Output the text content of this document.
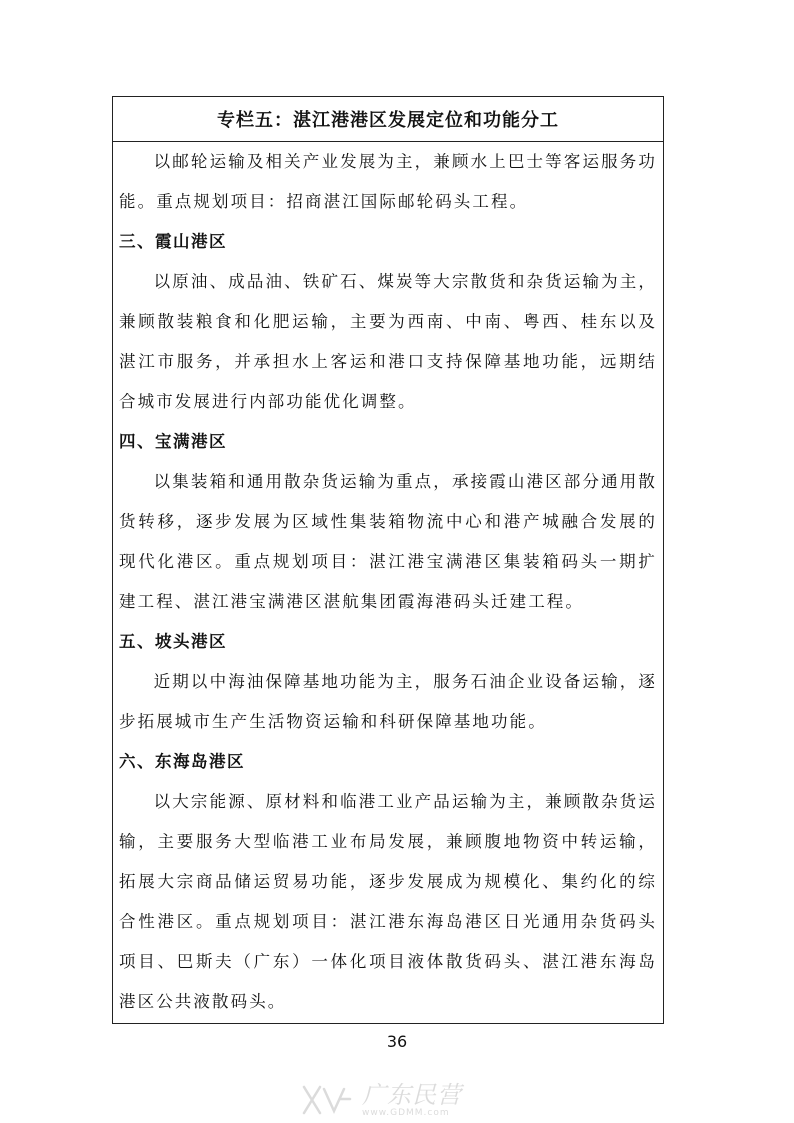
专栏五：湛江港港区发展定位和功能分工

以邮轮运输及相关产业发展为主，兼顾水上巴士等客运服务功能。重点规划项目：招商湛江国际邮轮码头工程。

三、霞山港区

以原油、成品油、铁矿石、煤炭等大宗散货和杂货运输为主，兼顾散装粮食和化肥运输，主要为西南、中南、粤西、桂东以及湛江市服务，并承担水上客运和港口支持保障基地功能，远期结合城市发展进行内部功能优化调整。

四、宝满港区

以集装箱和通用散杂货运输为重点，承接霞山港区部分通用散货转移，逐步发展为区域性集装箱物流中心和港产城融合发展的现代化港区。重点规划项目：湛江港宝满港区集装箱码头一期扩建工程、湛江港宝满港区湛航集团霞海港码头迁建工程。

五、坡头港区

近期以中海油保障基地功能为主，服务石油企业设备运输，逐步拓展城市生产生活物资运输和科研保障基地功能。

六、东海岛港区

以大宗能源、原材料和临港工业产品运输为主，兼顾散杂货运输，主要服务大型临港工业布局发展，兼顾腹地物资中转运输，拓展大宗商品储运贸易功能，逐步发展成为规模化、集约化的综合性港区。重点规划项目：湛江港东海岛港区日光通用杂货码头项目、巴斯夫（广东）一体化项目液体散货码头、湛江港东海岛港区公共液散码头。

36
广东民营
www.GDMM.com
